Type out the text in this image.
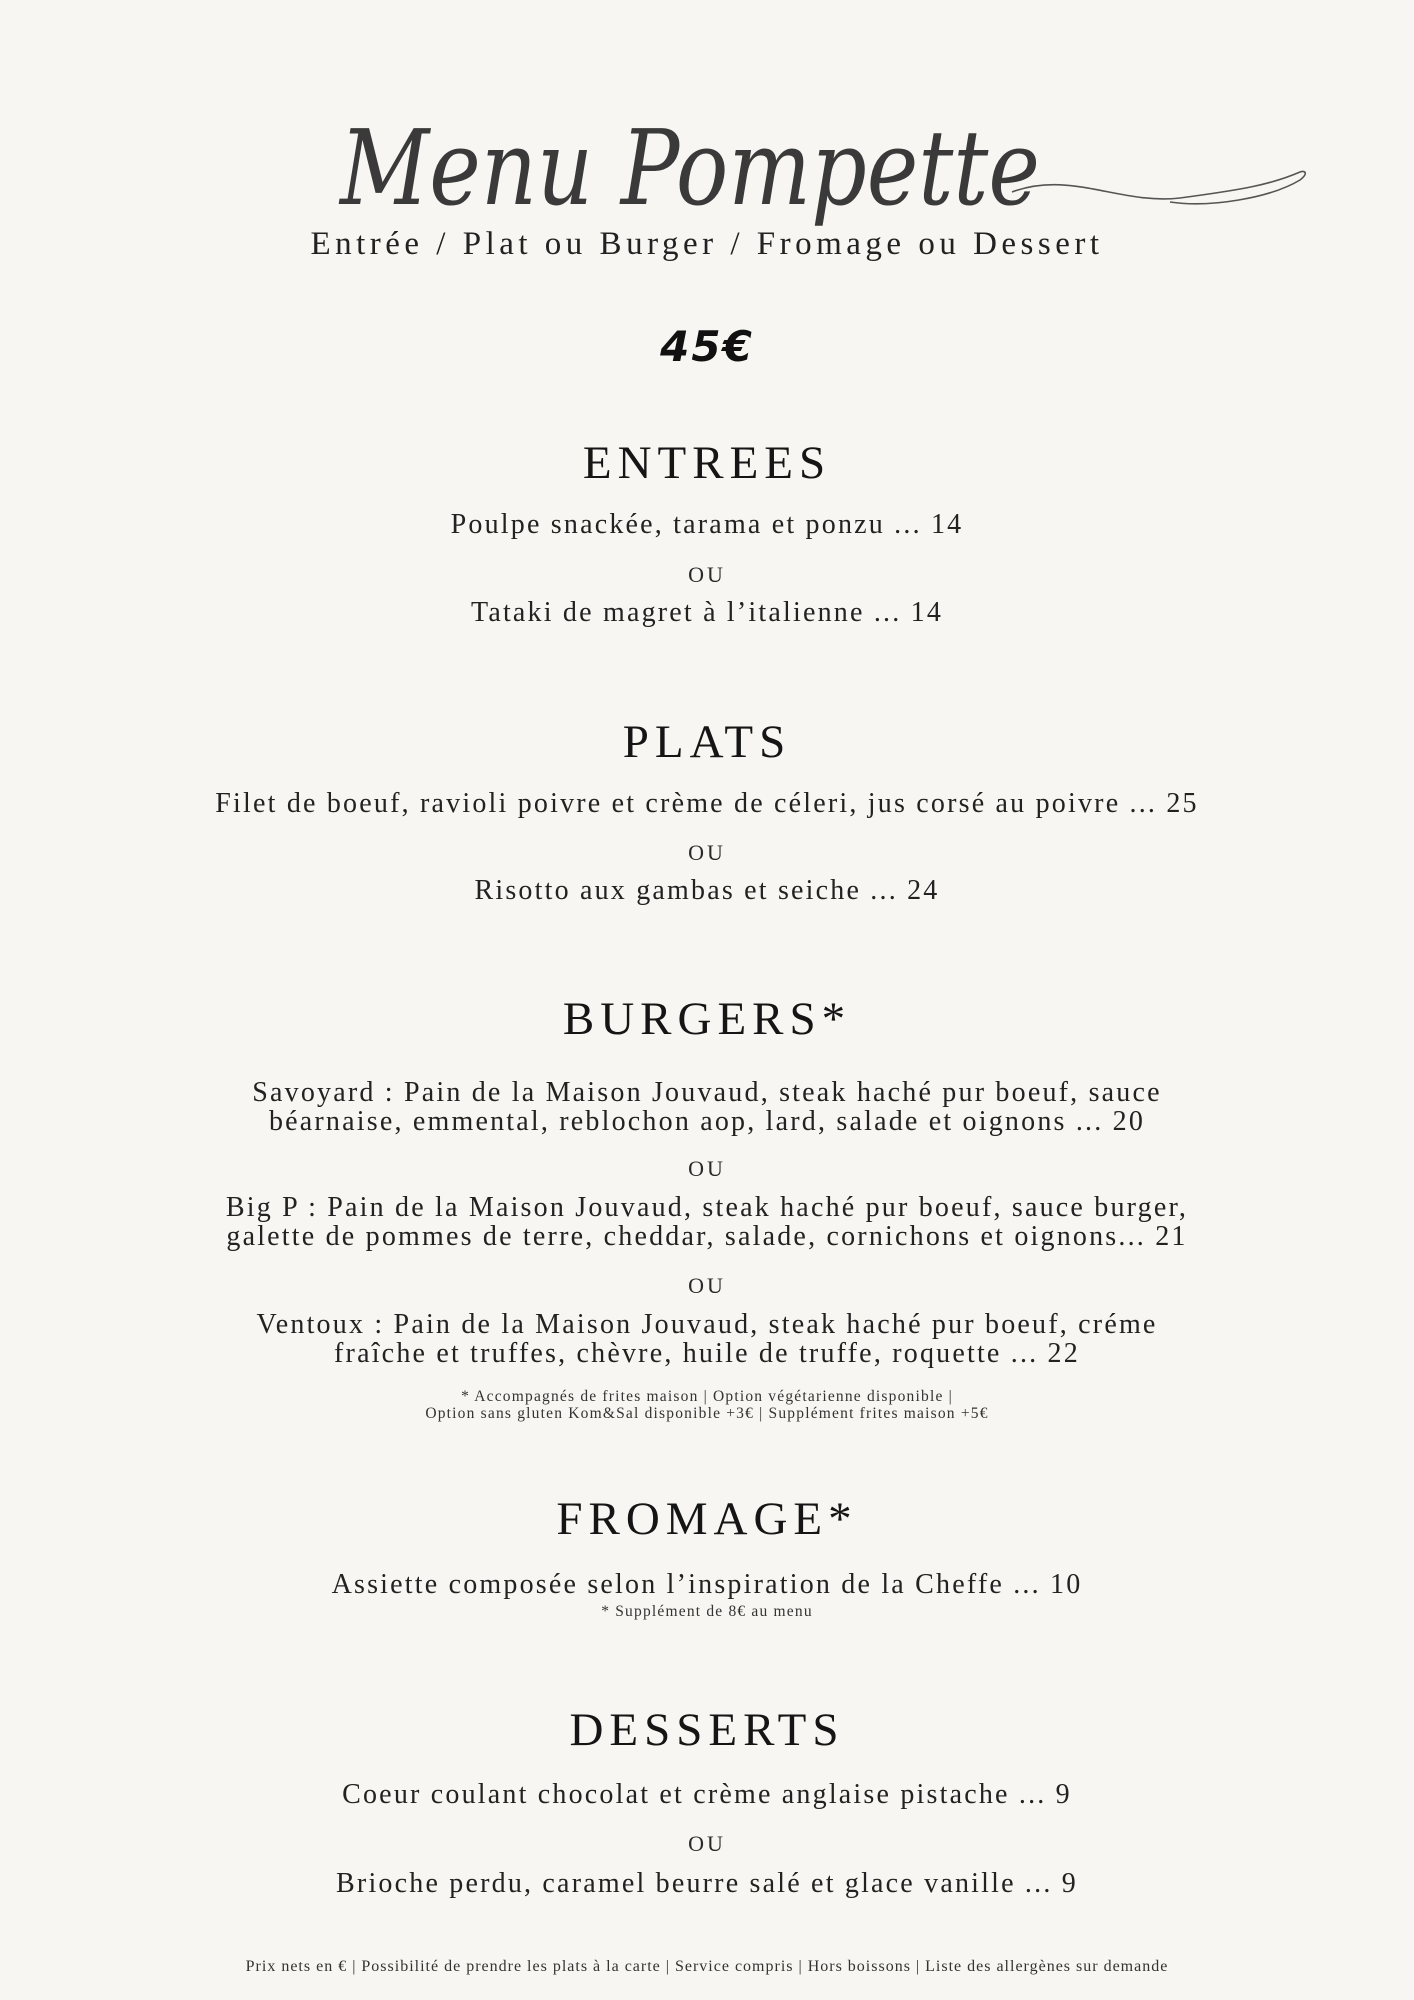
Menu Pompette
Entrée / Plat ou Burger / Fromage ou Dessert
45€
ENTREES
Poulpe snackée, tarama et ponzu ... 14
OU
Tataki de magret à l’italienne ... 14
PLATS
Filet de boeuf, ravioli poivre et crème de céleri, jus corsé au poivre ... 25
OU
Risotto aux gambas et seiche ... 24
BURGERS*
Savoyard : Pain de la Maison Jouvaud, steak haché pur boeuf, sauce
béarnaise, emmental, reblochon aop, lard, salade et oignons ... 20
OU
Big P : Pain de la Maison Jouvaud, steak haché pur boeuf, sauce burger,
galette de pommes de terre, cheddar, salade, cornichons et oignons... 21
OU
Ventoux : Pain de la Maison Jouvaud, steak haché pur boeuf, créme
fraîche et truffes, chèvre, huile de truffe, roquette ... 22
* Accompagnés de frites maison | Option végétarienne disponible |
Option sans gluten Kom&Sal disponible +3€ | Supplément frites maison +5€
FROMAGE*
Assiette composée selon l’inspiration de la Cheffe ... 10
* Supplément de 8€ au menu
DESSERTS
Coeur coulant chocolat et crème anglaise pistache ... 9
OU
Brioche perdu, caramel beurre salé et glace vanille ... 9
Prix nets en € | Possibilité de prendre les plats à la carte | Service compris | Hors boissons | Liste des allergènes sur demande
